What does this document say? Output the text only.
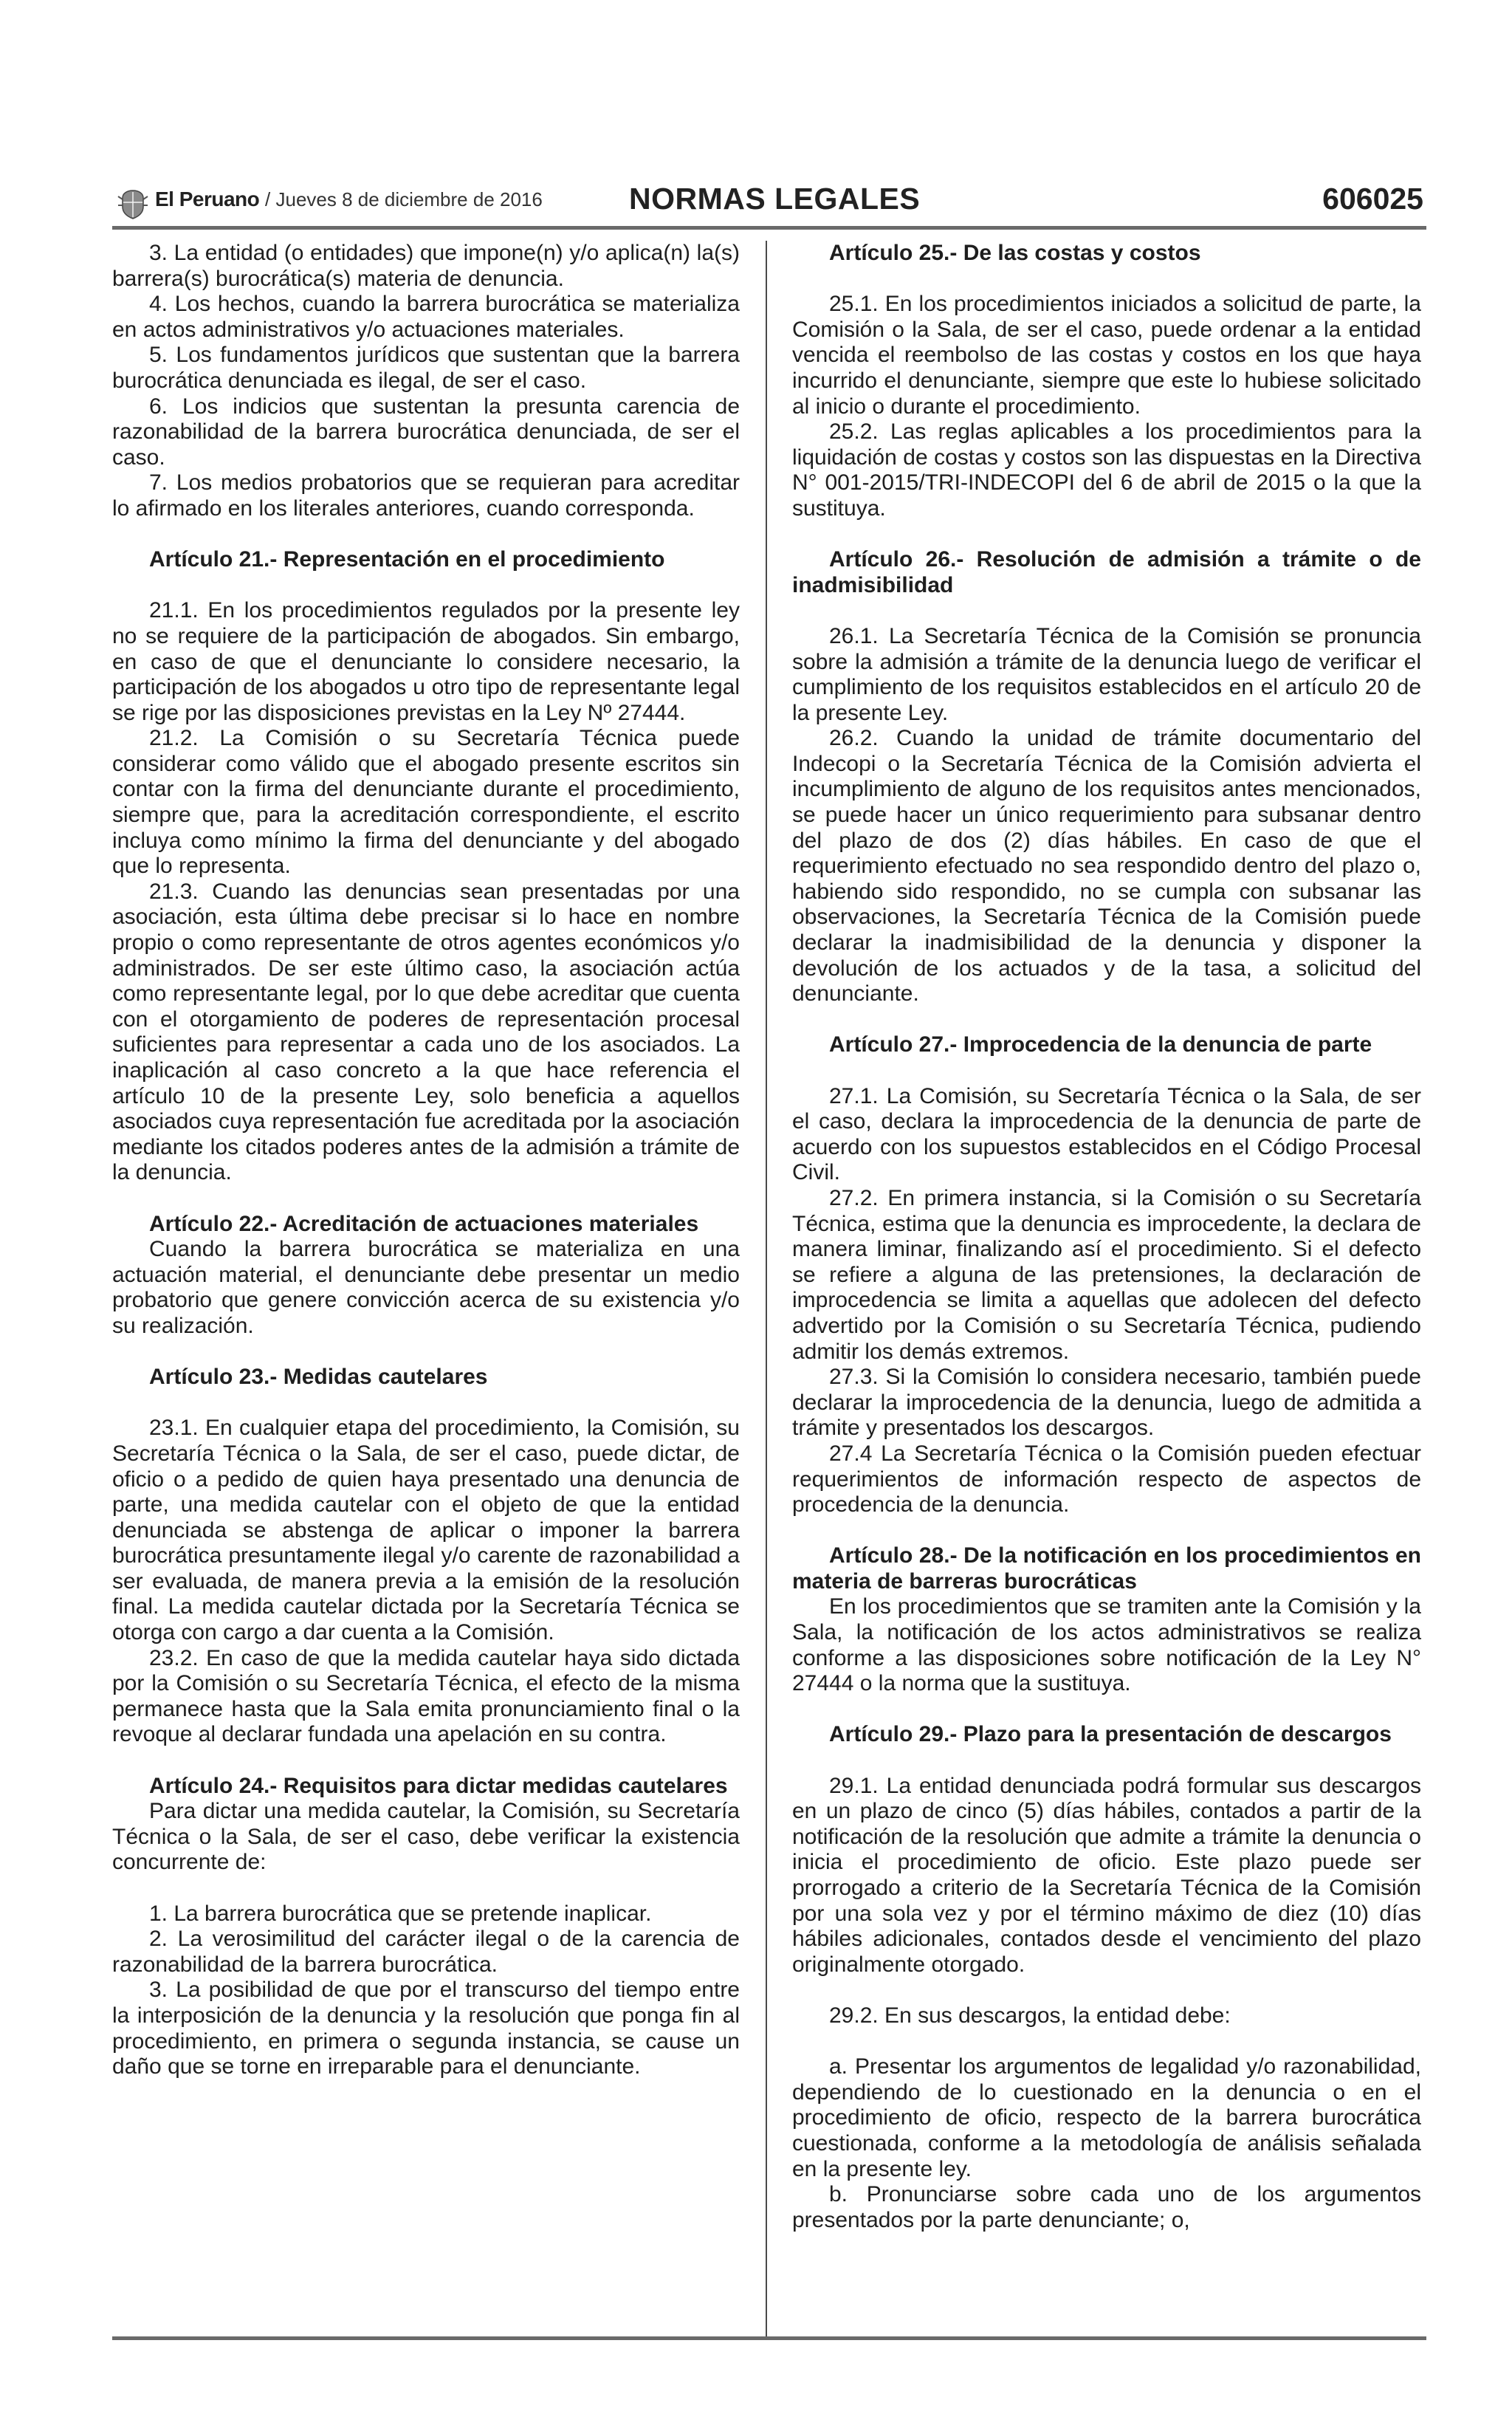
El Peruano / Jueves 8 de diciembre de 2016	NORMAS LEGALES	606025

3. La entidad (o entidades) que impone(n) y/o aplica(n) la(s) barrera(s) burocrática(s) materia de denuncia.

4. Los hechos, cuando la barrera burocrática se materializa en actos administrativos y/o actuaciones materiales.

5. Los fundamentos jurídicos que sustentan que la barrera burocrática denunciada es ilegal, de ser el caso.

6. Los indicios que sustentan la presunta carencia de razonabilidad de la barrera burocrática denunciada, de ser el caso.

7. Los medios probatorios que se requieran para acreditar lo afirmado en los literales anteriores, cuando corresponda.

Artículo 21.- Representación en el procedimiento

21.1. En los procedimientos regulados por la presente ley no se requiere de la participación de abogados. Sin embargo, en caso de que el denunciante lo considere necesario, la participación de los abogados u otro tipo de representante legal se rige por las disposiciones previstas en la Ley Nº 27444.

21.2. La Comisión o su Secretaría Técnica puede considerar como válido que el abogado presente escritos sin contar con la firma del denunciante durante el procedimiento, siempre que, para la acreditación correspondiente, el escrito incluya como mínimo la firma del denunciante y del abogado que lo representa.

21.3. Cuando las denuncias sean presentadas por una asociación, esta última debe precisar si lo hace en nombre propio o como representante de otros agentes económicos y/o administrados. De ser este último caso, la asociación actúa como representante legal, por lo que debe acreditar que cuenta con el otorgamiento de poderes de representación procesal suficientes para representar a cada uno de los asociados. La inaplicación al caso concreto a la que hace referencia el artículo 10 de la presente Ley, solo beneficia a aquellos asociados cuya representación fue acreditada por la asociación mediante los citados poderes antes de la admisión a trámite de la denuncia.

Artículo 22.- Acreditación de actuaciones materiales

Cuando la barrera burocrática se materializa en una actuación material, el denunciante debe presentar un medio probatorio que genere convicción acerca de su existencia y/o su realización.

Artículo 23.- Medidas cautelares

23.1. En cualquier etapa del procedimiento, la Comisión, su Secretaría Técnica o la Sala, de ser el caso, puede dictar, de oficio o a pedido de quien haya presentado una denuncia de parte, una medida cautelar con el objeto de que la entidad denunciada se abstenga de aplicar o imponer la barrera burocrática presuntamente ilegal y/o carente de razonabilidad a ser evaluada, de manera previa a la emisión de la resolución final. La medida cautelar dictada por la Secretaría Técnica se otorga con cargo a dar cuenta a la Comisión.

23.2. En caso de que la medida cautelar haya sido dictada por la Comisión o su Secretaría Técnica, el efecto de la misma permanece hasta que la Sala emita pronunciamiento final o la revoque al declarar fundada una apelación en su contra.

Artículo 24.- Requisitos para dictar medidas cautelares

Para dictar una medida cautelar, la Comisión, su Secretaría Técnica o la Sala, de ser el caso, debe verificar la existencia concurrente de:

1. La barrera burocrática que se pretende inaplicar.

2. La verosimilitud del carácter ilegal o de la carencia de razonabilidad de la barrera burocrática.

3. La posibilidad de que por el transcurso del tiempo entre la interposición de la denuncia y la resolución que ponga fin al procedimiento, en primera o segunda instancia, se cause un daño que se torne en irreparable para el denunciante.

Artículo 25.- De las costas y costos

25.1. En los procedimientos iniciados a solicitud de parte, la Comisión o la Sala, de ser el caso, puede ordenar a la entidad vencida el reembolso de las costas y costos en los que haya incurrido el denunciante, siempre que este lo hubiese solicitado al inicio o durante el procedimiento.

25.2. Las reglas aplicables a los procedimientos para la liquidación de costas y costos son las dispuestas en la Directiva N° 001-2015/TRI-INDECOPI del 6 de abril de 2015 o la que la sustituya.

Artículo 26.- Resolución de admisión a trámite o de inadmisibilidad

26.1. La Secretaría Técnica de la Comisión se pronuncia sobre la admisión a trámite de la denuncia luego de verificar el cumplimiento de los requisitos establecidos en el artículo 20 de la presente Ley.

26.2. Cuando la unidad de trámite documentario del Indecopi o la Secretaría Técnica de la Comisión advierta el incumplimiento de alguno de los requisitos antes mencionados, se puede hacer un único requerimiento para subsanar dentro del plazo de dos (2) días hábiles. En caso de que el requerimiento efectuado no sea respondido dentro del plazo o, habiendo sido respondido, no se cumpla con subsanar las observaciones, la Secretaría Técnica de la Comisión puede declarar la inadmisibilidad de la denuncia y disponer la devolución de los actuados y de la tasa, a solicitud del denunciante.

Artículo 27.- Improcedencia de la denuncia de parte

27.1. La Comisión, su Secretaría Técnica o la Sala, de ser el caso, declara la improcedencia de la denuncia de parte de acuerdo con los supuestos establecidos en el Código Procesal Civil.

27.2. En primera instancia, si la Comisión o su Secretaría Técnica, estima que la denuncia es improcedente, la declara de manera liminar, finalizando así el procedimiento. Si el defecto se refiere a alguna de las pretensiones, la declaración de improcedencia se limita a aquellas que adolecen del defecto advertido por la Comisión o su Secretaría Técnica, pudiendo admitir los demás extremos.

27.3. Si la Comisión lo considera necesario, también puede declarar la improcedencia de la denuncia, luego de admitida a trámite y presentados los descargos.

27.4 La Secretaría Técnica o la Comisión pueden efectuar requerimientos de información respecto de aspectos de procedencia de la denuncia.

Artículo 28.- De la notificación en los procedimientos en materia de barreras burocráticas

En los procedimientos que se tramiten ante la Comisión y la Sala, la notificación de los actos administrativos se realiza conforme a las disposiciones sobre notificación de la Ley N° 27444 o la norma que la sustituya.

Artículo 29.- Plazo para la presentación de descargos

29.1. La entidad denunciada podrá formular sus descargos en un plazo de cinco (5) días hábiles, contados a partir de la notificación de la resolución que admite a trámite la denuncia o inicia el procedimiento de oficio. Este plazo puede ser prorrogado a criterio de la Secretaría Técnica de la Comisión por una sola vez y por el término máximo de diez (10) días hábiles adicionales, contados desde el vencimiento del plazo originalmente otorgado.

29.2. En sus descargos, la entidad debe:

a. Presentar los argumentos de legalidad y/o razonabilidad, dependiendo de lo cuestionado en la denuncia o en el procedimiento de oficio, respecto de la barrera burocrática cuestionada, conforme a la metodología de análisis señalada en la presente ley.

b. Pronunciarse sobre cada uno de los argumentos presentados por la parte denunciante; o,
